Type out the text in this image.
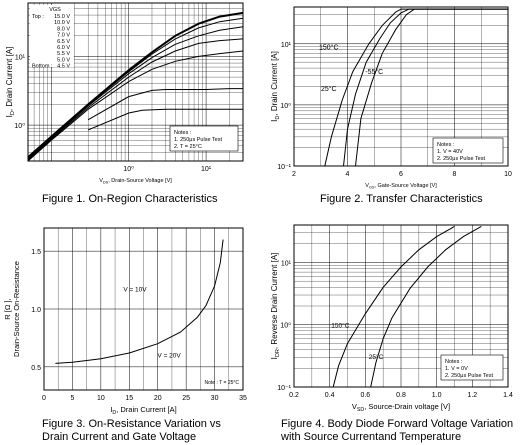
10⁰	10¹
10⁰
10¹
$V_{DS}$, Drain-Source Voltage [V]
$I_D$, Drain Current [A]
VGS
Top : 15.0 V
10.0 V
8.0 V
7.0 V
6.5 V
6.0 V
5.5 V
5.0 V
Bottom : 4.5 V
Notes :
1. 250μs Pulse Test
2. T = 25°C
Figure 1. On-Region Characteristics
2	4	6	8	10
10⁻¹
10⁰
10¹
$V_{GS}$, Gate-Source Voltage [V]
$I_D$, Drain Current [A]
150°C
-55°C
25°C
Notes :
1. V = 40V
2. 250μs Pulse Test
Figure 2. Transfer Characteristics
0	5	10	15	20	25	30	35
0.5
1.0
1.5
$I_D$, Drain Current [A]
R [Ω ], Drain-Source On-Resistance	V = 10V
V = 20V
Note : T = 25°C
Figure 3. On-Resistance Variation vs
Drain Current and Gate Voltage
0.2	0.4	0.6	0.8	1.0	1.2	1.4
10⁻¹
10⁰
10¹
$V_{SD}$, Source-Drain voltage [V]
$I_{DR}$, Reverse Drain Current [A]	150°C
25°C
Notes :
1. V = 0V
2. 250μs Pulse Test
Figure 4. Body Diode Forward Voltage Variation
with Source Currentand Temperature
